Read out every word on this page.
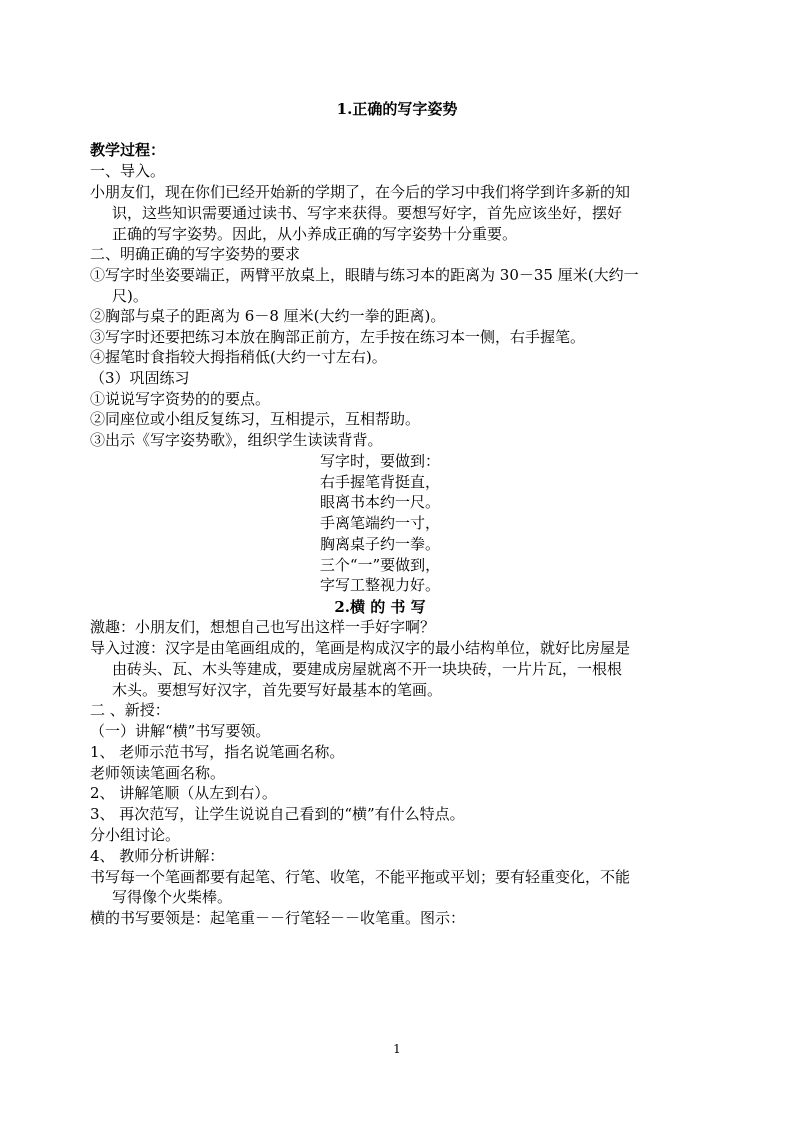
1.正确的写字姿势
教学过程：
一、导入。
小朋友们，现在你们已经开始新的学期了，在今后的学习中我们将学到许多新的知
识，这些知识需要通过读书、写字来获得。要想写好字，首先应该坐好，摆好
正确的写字姿势。因此，从小养成正确的写字姿势十分重要。
二、明确正确的写字姿势的要求
①写字时坐姿要端正，两臂平放桌上，眼睛与练习本的距离为 30－35 厘米(大约一
尺)。
②胸部与桌子的距离为 6－8 厘米(大约一拳的距离)。
③写字时还要把练习本放在胸部正前方，左手按在练习本一侧，右手握笔。
④握笔时食指较大拇指稍低(大约一寸左右)。
（3）巩固练习
①说说写字资势的的要点。
②同座位或小组反复练习，互相提示，互相帮助。
③出示《写字姿势歌》，组织学生读读背背。
写字时，要做到：
右手握笔背挺直，
眼离书本约一尺。
手离笔端约一寸，
胸离桌子约一拳。
三个“一”要做到，
字写工整视力好。
2.横 的 书 写
激趣：小朋友们，想想自己也写出这样一手好字啊？
导入过渡：汉字是由笔画组成的，笔画是构成汉字的最小结构单位，就好比房屋是
由砖头、瓦、木头等建成，要建成房屋就离不开一块块砖，一片片瓦，一根根
木头。要想写好汉字，首先要写好最基本的笔画。
二 、新授：
（一）讲解“横”书写要领。
1、 老师示范书写，指名说笔画名称。
老师领读笔画名称。
2、 讲解笔顺（从左到右）。
3、 再次范写，让学生说说自己看到的“横”有什么特点。
分小组讨论。
4、 教师分析讲解：
书写每一个笔画都要有起笔、行笔、收笔，不能平拖或平划；要有轻重变化，不能
写得像个火柴棒。
横的书写要领是：起笔重－－行笔轻－－收笔重。图示：
1
